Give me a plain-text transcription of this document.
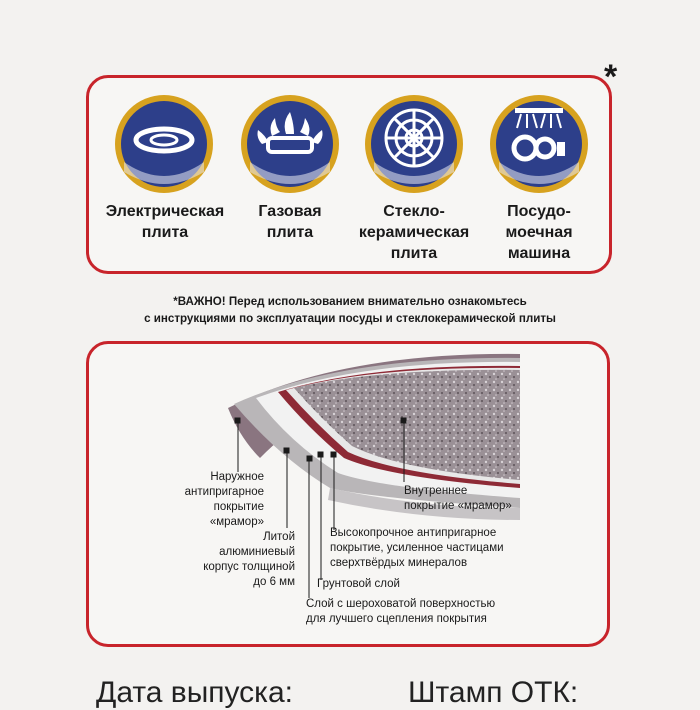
*
Электрическая
плита
Газовая
плита
Стекло-
керамическая
плита
Посудо-
моечная
машина
*ВАЖНО! Перед использованием внимательно ознакомьтесь
с инструкциями по эксплуатации посуды и стеклокерамической плиты
Наружное
антипригарное
покрытие
«мрамор»
Литой
алюминиевый
корпус толщиной
до 6 мм
Внутреннее
покрытие «мрамор»
Высокопрочное антипригарное
покрытие, усиленное частицами
сверхтвёрдых минералов
Грунтовой слой
Слой с шероховатой поверхностью
для лучшего сцепления покрытия
Дата выпуска:	Штамп ОТК:
